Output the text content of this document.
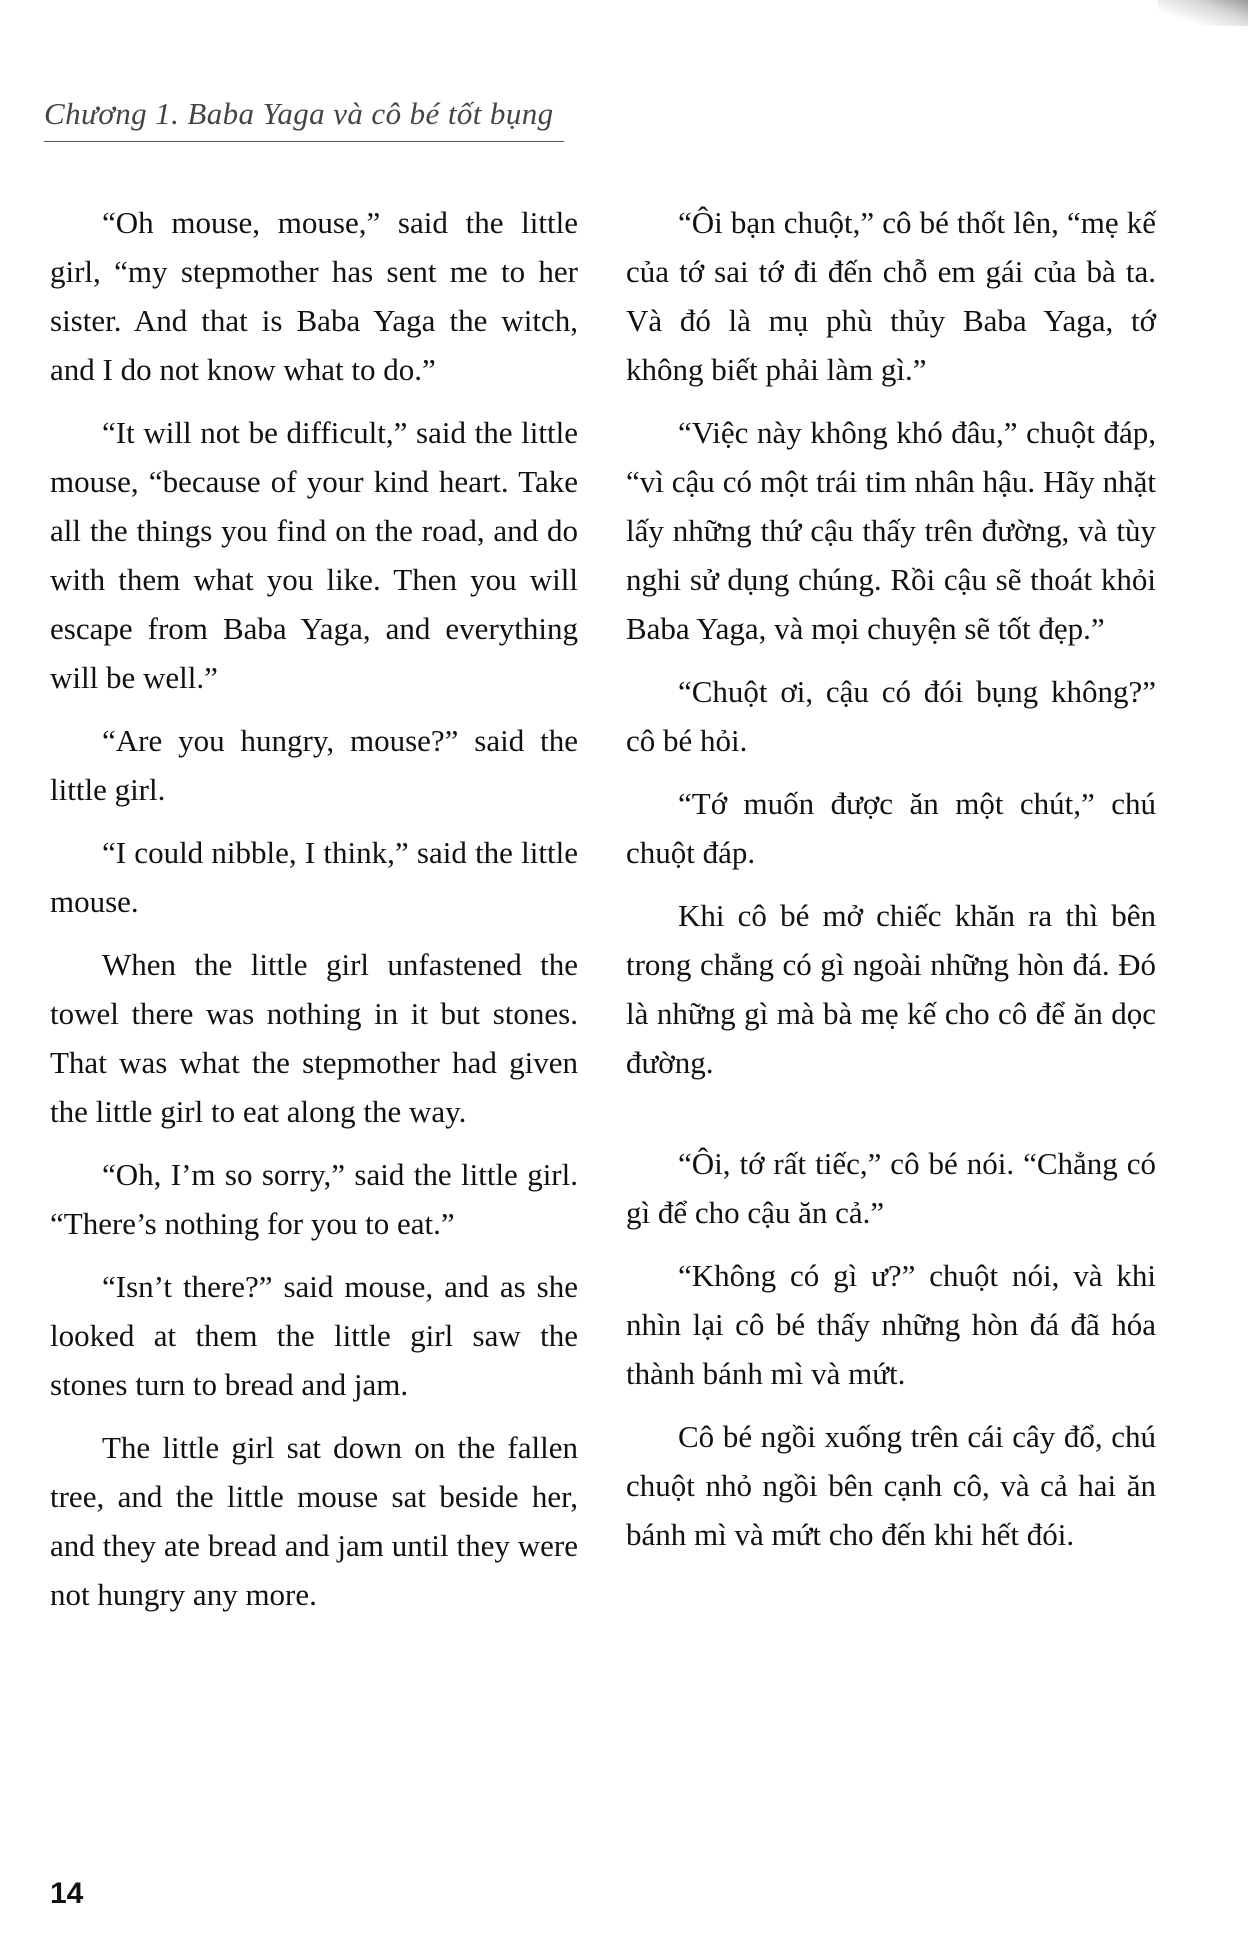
Chương 1. Baba Yaga và cô bé tốt bụng

“Oh mouse, mouse,” said the little girl, “my stepmother has sent me to her sister. And that is Baba Yaga the witch, and I do not know what to do.”

“It will not be difficult,” said the little mouse, “because of your kind heart. Take all the things you find on the road, and do with them what you like. Then you will escape from Baba Yaga, and everything will be well.”

“Are you hungry, mouse?” said the little girl.

“I could nibble, I think,” said the little mouse.

When the little girl unfastened the towel there was nothing in it but stones. That was what the stepmother had given the little girl to eat along the way.

“Oh, I’m so sorry,” said the little girl. “There’s nothing for you to eat.”

“Isn’t there?” said mouse, and as she looked at them the little girl saw the stones turn to bread and jam.

The little girl sat down on the fallen tree, and the little mouse sat beside her, and they ate bread and jam until they were not hungry any more.

“Ôi bạn chuột,” cô bé thốt lên, “mẹ kế của tớ sai tớ đi đến chỗ em gái của bà ta. Và đó là mụ phù thủy Baba Yaga, tớ không biết phải làm gì.”

“Việc này không khó đâu,” chuột đáp, “vì cậu có một trái tim nhân hậu. Hãy nhặt lấy những thứ cậu thấy trên đường, và tùy nghi sử dụng chúng. Rồi cậu sẽ thoát khỏi Baba Yaga, và mọi chuyện sẽ tốt đẹp.”

“Chuột ơi, cậu có đói bụng không?” cô bé hỏi.

“Tớ muốn được ăn một chút,” chú chuột đáp.

Khi cô bé mở chiếc khăn ra thì bên trong chẳng có gì ngoài những hòn đá. Đó là những gì mà bà mẹ kế cho cô để ăn dọc đường.

“Ôi, tớ rất tiếc,” cô bé nói. “Chẳng có gì để cho cậu ăn cả.”

“Không có gì ư?” chuột nói, và khi nhìn lại cô bé thấy những hòn đá đã hóa thành bánh mì và mứt.

Cô bé ngồi xuống trên cái cây đổ, chú chuột nhỏ ngồi bên cạnh cô, và cả hai ăn bánh mì và mứt cho đến khi hết đói.

14
